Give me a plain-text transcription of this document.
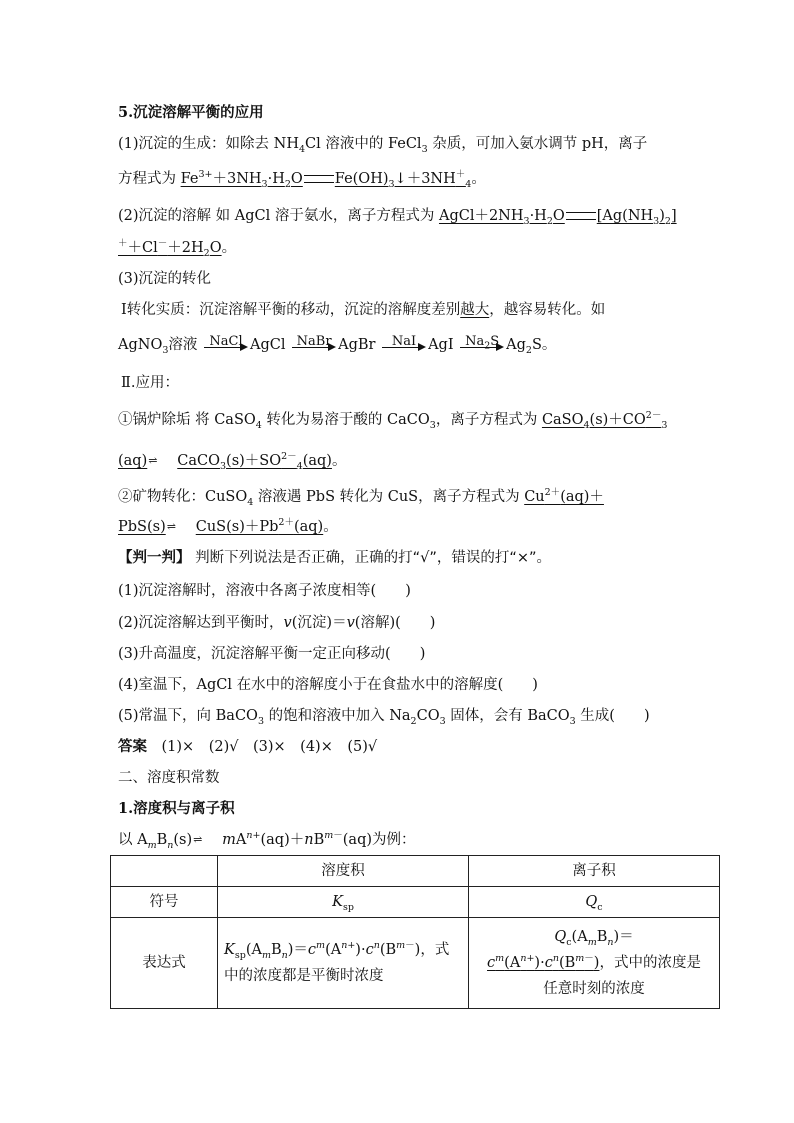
5.沉淀溶解平衡的应用
(1)沉淀的生成：如除去 $NH_4Cl$ 溶液中的 FeCl$_3$ 杂质，可加入氨水调节 pH，离子
方程式为 $Fe^{3+}+3NH_3\cdot H_2O$ $Fe(OH)_3↓+3NH^+_4$。
(2)沉淀的溶解 如 AgCl 溶于氨水，离子方程式为 $AgCl+2NH_3\cdot H_2O$ $[Ag(NH_3)_2]$
$^++Cl^-+2H_2O$。
(3)沉淀的转化
Ⅰ转化实质：沉淀溶解平衡的移动，沉淀的溶解度差别越大，越容易转化。如
AgNO$_3$溶液 NaCl AgCl NaBr AgBr NaI AgI $Na_2S$ $Ag_2S$。
Ⅱ.应用：
①锅炉除垢 将 CaSO$_4$ 转化为易溶于酸的 CaCO$_3$，离子方程式为 $CaSO_4(s)+CO^{2-}_3$
(aq)⇌ $CaCO_3(s)+SO^{2-}_4(aq)$。
②矿物转化：CuSO$_4$ 溶液遇 PbS 转化为 CuS，离子方程式为 $Cu^{2+}(aq)+$
PbS(s)⇌ $CuS(s)+Pb^{2+}(aq)$。
【判一判】 判断下列说法是否正确，正确的打“√”，错误的打“×”。
(1)沉淀溶解时，溶液中各离子浓度相等(　　)
(2)沉淀溶解达到平衡时，v(沉淀)＝v(溶解)(　　)
(3)升高温度，沉淀溶解平衡一定正向移动(　　)
(4)室温下，AgCl 在水中的溶解度小于在食盐水中的溶解度(　　)
(5)常温下，向 BaCO$_3$ 的饱和溶液中加入 $Na_2CO_3$ 固体，会有 BaCO$_3$ 生成(　　)
答案　(1)×　(2)√　(3)×　(4)×　(5)√
二、溶度积常数
1.溶度积与离子积
以 $A_mB_n(s)\rightleftharpoons$ $mA^{n+}(aq)+nB^{m-}(aq)$为例：
	溶度积	离子积
符号	$K_{sp}$	$Q_c$
表达式	$K_{sp}(A_mB_n)=c^m(A^{n+})\cdot c^n(B^{m-})$，式
中的浓度都是平衡时浓度	$Q_c(A_mB_n)=$
$c^m(A^{n+})\cdot c^n(B^{m-})$，式中的浓度是
任意时刻的浓度
